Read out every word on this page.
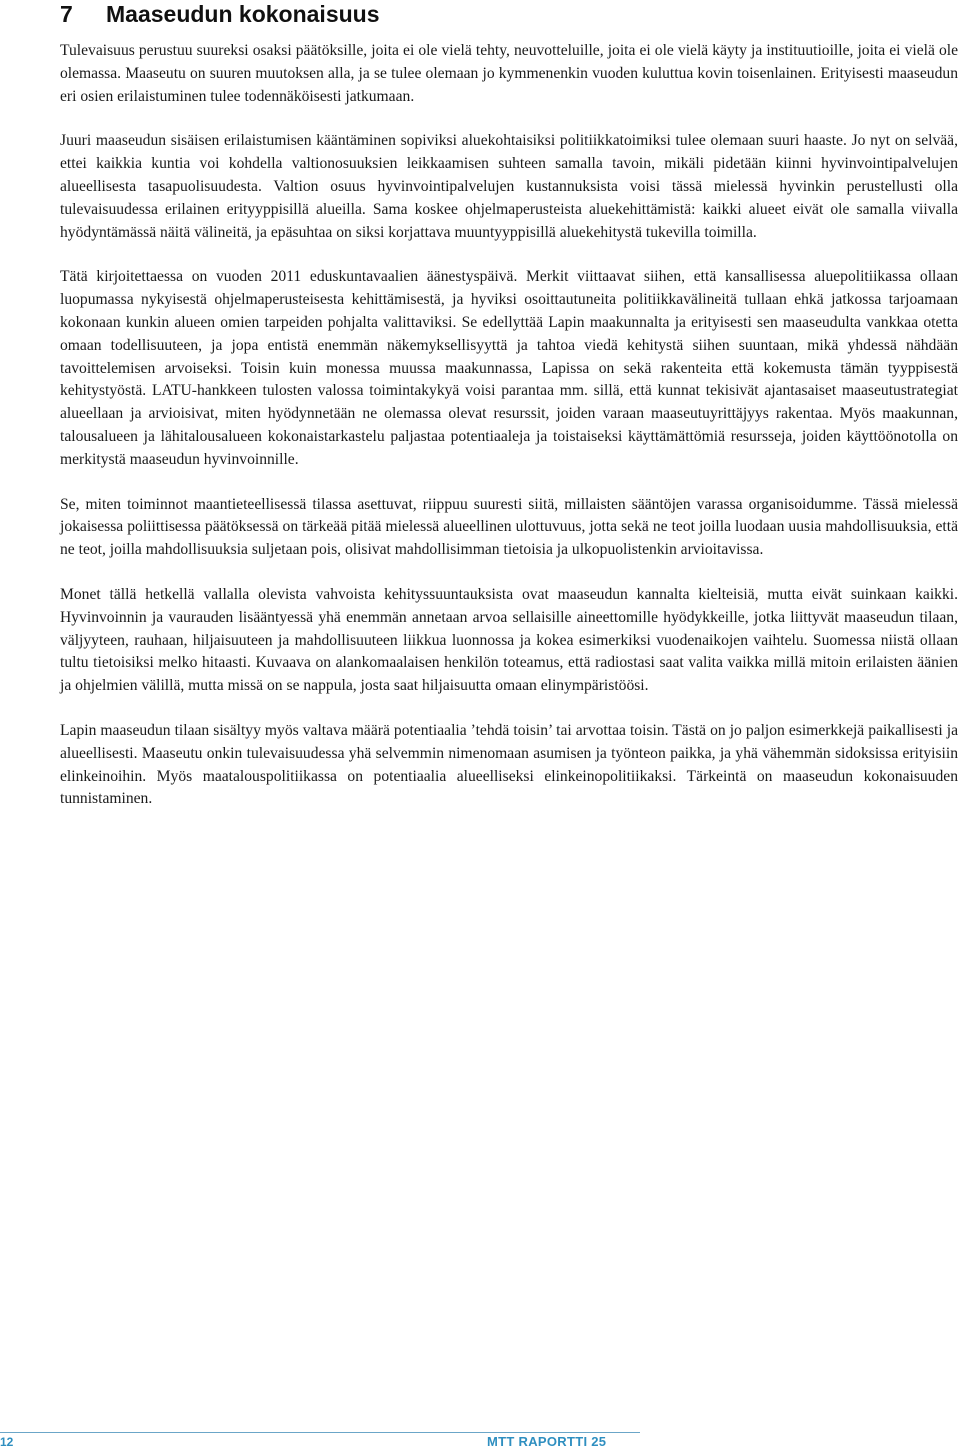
7 Maaseudun kokonaisuus

Tulevaisuus perustuu suureksi osaksi päätöksille, joita ei ole vielä tehty, neuvotteluille, joita ei ole vielä käyty ja instituutioille, joita ei vielä ole olemassa. Maaseutu on suuren muutoksen alla, ja se tulee olemaan jo kymmenenkin vuoden kuluttua kovin toisenlainen. Erityisesti maaseudun eri osien erilaistuminen tulee todennäköisesti jatkumaan.

Juuri maaseudun sisäisen erilaistumisen kääntäminen sopiviksi aluekohtaisiksi politiikkatoimiksi tulee olemaan suuri haaste. Jo nyt on selvää, ettei kaikkia kuntia voi kohdella valtionosuuksien leikkaamisen suhteen samalla tavoin, mikäli pidetään kiinni hyvinvointipalvelujen alueellisesta tasapuolisuudesta. Valtion osuus hyvinvointipalvelujen kustannuksista voisi tässä mielessä hyvinkin perustellusti olla tulevaisuudessa erilainen erityyppisillä alueilla. Sama koskee ohjelmaperusteista aluekehittämistä: kaikki alueet eivät ole samalla viivalla hyödyntämässä näitä välineitä, ja epäsuhtaa on siksi korjattava muuntyyppisillä aluekehitystä tukevilla toimilla.

Tätä kirjoitettaessa on vuoden 2011 eduskuntavaalien äänestyspäivä. Merkit viittaavat siihen, että kansallisessa aluepolitiikassa ollaan luopumassa nykyisestä ohjelmaperusteisesta kehittämisestä, ja hyviksi osoittautuneita politiikkavälineitä tullaan ehkä jatkossa tarjoamaan kokonaan kunkin alueen omien tarpeiden pohjalta valittaviksi. Se edellyttää Lapin maakunnalta ja erityisesti sen maaseudulta vankkaa otetta omaan todellisuuteen, ja jopa entistä enemmän näkemyksellisyyttä ja tahtoa viedä kehitystä siihen suuntaan, mikä yhdessä nähdään tavoittelemisen arvoiseksi. Toisin kuin monessa muussa maakunnassa, Lapissa on sekä rakenteita että kokemusta tämän tyyppisestä kehitystyöstä. LATU-hankkeen tulosten valossa toimintakykyä voisi parantaa mm. sillä, että kunnat tekisivät ajantasaiset maaseutustrategiat alueellaan ja arvioisivat, miten hyödynnetään ne olemassa olevat resurssit, joiden varaan maaseutuyrittäjyys rakentaa. Myös maakunnan, talousalueen ja lähitalousalueen kokonaistarkastelu paljastaa potentiaaleja ja toistaiseksi käyttämättömiä resursseja, joiden käyttöönotolla on merkitystä maaseudun hyvinvoinnille.

Se, miten toiminnot maantieteellisessä tilassa asettuvat, riippuu suuresti siitä, millaisten sääntöjen varassa organisoidumme. Tässä mielessä jokaisessa poliittisessa päätöksessä on tärkeää pitää mielessä alueellinen ulottuvuus, jotta sekä ne teot joilla luodaan uusia mahdollisuuksia, että ne teot, joilla mahdollisuuksia suljetaan pois, olisivat mahdollisimman tietoisia ja ulkopuolistenkin arvioitavissa.

Monet tällä hetkellä vallalla olevista vahvoista kehityssuuntauksista ovat maaseudun kannalta kielteisiä, mutta eivät suinkaan kaikki. Hyvinvoinnin ja vaurauden lisääntyessä yhä enemmän annetaan arvoa sellaisille aineettomille hyödykkeille, jotka liittyvät maaseudun tilaan, väljyyteen, rauhaan, hiljaisuuteen ja mahdollisuuteen liikkua luonnossa ja kokea esimerkiksi vuodenaikojen vaihtelu. Suomessa niistä ollaan tultu tietoisiksi melko hitaasti. Kuvaava on alankomaalaisen henkilön toteamus, että radiostasi saat valita vaikka millä mitoin erilaisten äänien ja ohjelmien välillä, mutta missä on se nappula, josta saat hiljaisuutta omaan elinympäristöösi.

Lapin maaseudun tilaan sisältyy myös valtava määrä potentiaalia ’tehdä toisin’ tai arvottaa toisin. Tästä on jo paljon esimerkkejä paikallisesti ja alueellisesti. Maaseutu onkin tulevaisuudessa yhä selvemmin nimenomaan asumisen ja työnteon paikka, ja yhä vähemmän sidoksissa erityisiin elinkeinoihin. Myös maatalouspolitiikassa on potentiaalia alueelliseksi elinkeinopolitiikaksi. Tärkeintä on maaseudun kokonaisuuden tunnistaminen.

12	MTT RAPORTTI 25
